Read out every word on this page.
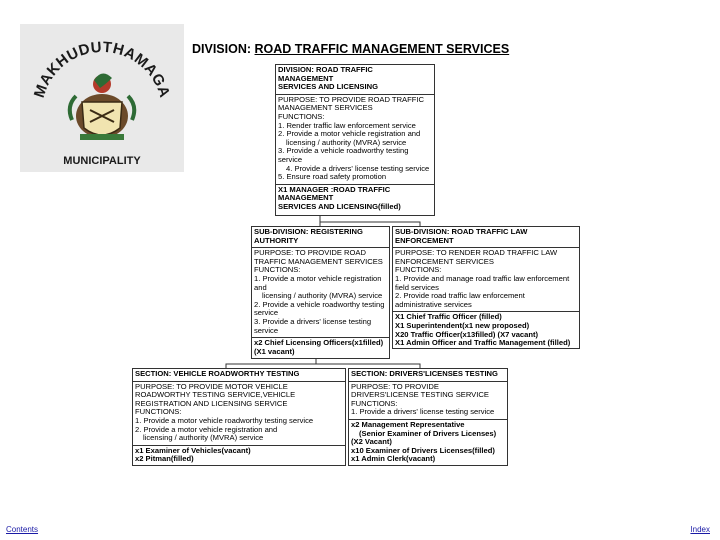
MAKHUDUTHAMAGA
MUNICIPALITY
DIVISION: ROAD TRAFFIC MANAGEMENT SERVICES
DIVISION: ROAD TRAFFIC
MANAGEMENT
SERVICES AND LICENSING
PURPOSE: TO PROVIDE ROAD TRAFFIC
MANAGEMENT SERVICES
FUNCTIONS:
1. Render traffic law enforcement service
2. Provide a motor vehicle registration and
licensing / authority (MVRA) service
3. Provide a vehicle roadworthy testing
service
4. Provide a drivers' license testing service
5. Ensure road safety promotion
X1 MANAGER :ROAD TRAFFIC
MANAGEMENT
SERVICES AND LICENSING(filled)
SUB-DIVISION: REGISTERING
AUTHORITY
PURPOSE: TO PROVIDE ROAD
TRAFFIC MANAGEMENT SERVICES
FUNCTIONS:
1. Provide a motor vehicle registration
and
licensing / authority (MVRA) service
2. Provide a vehicle roadworthy testing
service
3. Provide a drivers' license testing
service
x2 Chief Licensing Officers(x1filled)
(X1 vacant)
SUB-DIVISION: ROAD TRAFFIC LAW
ENFORCEMENT
PURPOSE: TO RENDER ROAD TRAFFIC LAW
ENFORCEMENT SERVICES
FUNCTIONS:
1. Provide and manage road traffic law enforcement
field services
2. Provide road traffic law enforcement
administrative services
X1 Chief Traffic Officer (filled)
X1 Superintendent(x1 new proposed)
X20 Traffic Officer(x13filled) (X7 vacant)
X1 Admin Officer and Traffic Management (filled)
SECTION: VEHICLE ROADWORTHY TESTING
PURPOSE: TO PROVIDE MOTOR VEHICLE
ROADWORTHY TESTING SERVICE,VEHICLE
REGISTRATION AND LICENSING SERVICE
FUNCTIONS:
1. Provide a motor vehicle roadworthy testing service
2. Provide a motor vehicle registration and
licensing / authority (MVRA) service
x1 Examiner of Vehicles(vacant)
x2 Pitman(filled)
SECTION: DRIVERS'LICENSES TESTING
PURPOSE: TO PROVIDE
DRIVERS'LICENSE TESTING SERVICE
FUNCTIONS:
1. Provide a drivers' license testing service
x2 Management Representative
(Senior Examiner of Drivers Licenses)
(X2 Vacant)
x10 Examiner of Drivers Licenses(filled)
x1 Admin Clerk(vacant)
Contents	Index
